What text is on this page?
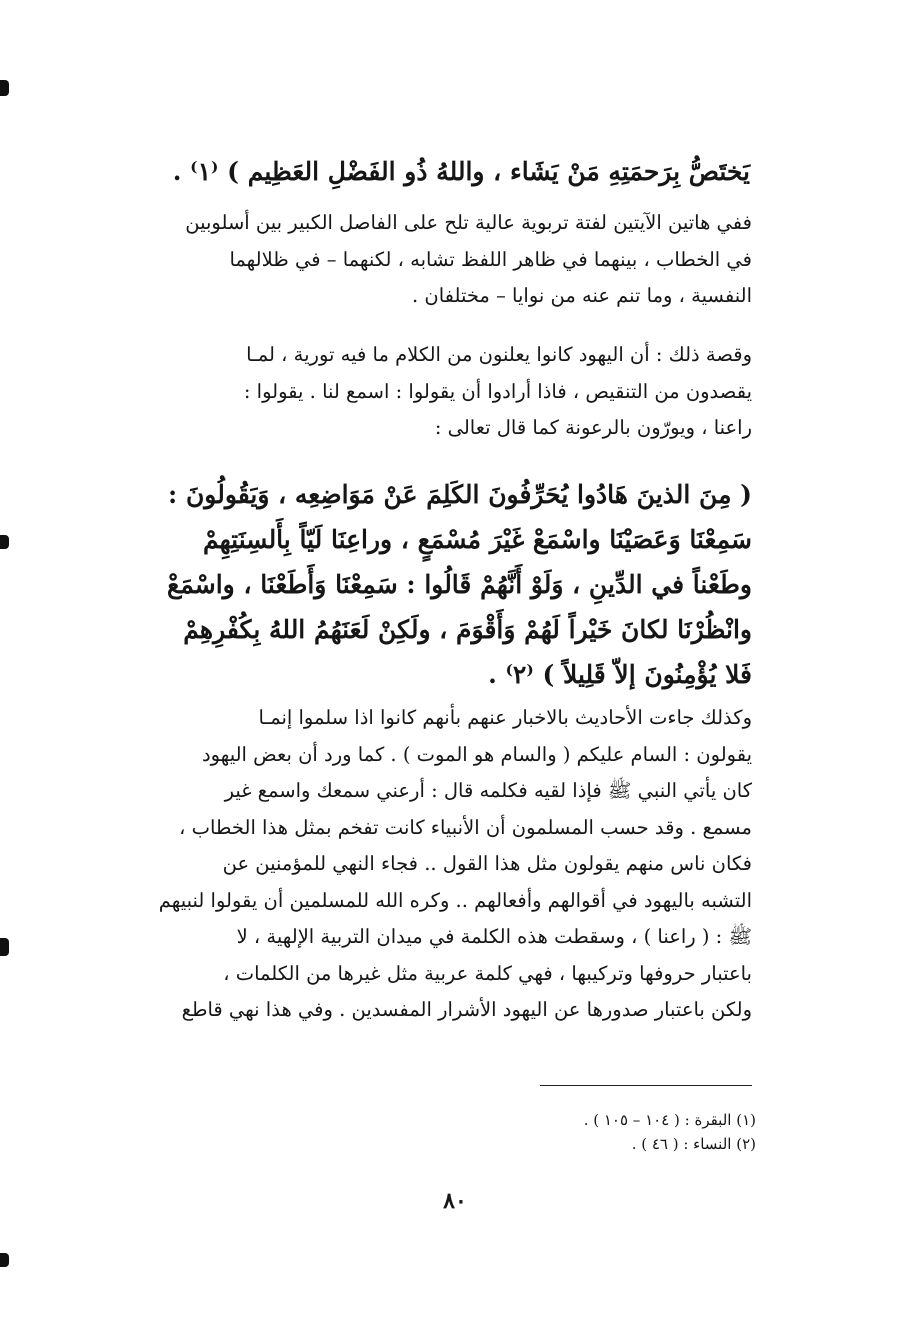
يَختَصُّ بِرَحمَتِهِ مَنْ يَشَاء ، واللهُ ذُو الفَضْلِ العَظِيم ) ⁽١⁾ .
ففي هاتين الآيتين لفتة تربوية عالية تلح على الفاصل الكبير بين أسلوبين
في الخطاب ، بينهما في ظاهر اللفظ تشابه ، لكنهما – في ظلالهما
النفسية ، وما تنم عنه من نوايا – مختلفان .
وقصة ذلك : أن اليهود كانوا يعلنون من الكلام ما فيه تورية ، لمـا
يقصدون من التنقيص ، فاذا أرادوا أن يقولوا : اسمع لنا . يقولوا :
راعنا ، ويورّون بالرعونة كما قال تعالى :
( مِنَ الذينَ هَادُوا يُحَرِّفُونَ الكَلِمَ عَنْ مَوَاضِعِه ، وَيَقُولُونَ :
سَمِعْنَا وَعَصَيْنَا واسْمَعْ غَيْرَ مُسْمَعٍ ، وراعِنَا لَيّاً بِأَلسِنَتِهِمْ
وطَعْناً في الدِّينِ ، وَلَوْ أَنَّهُمْ قَالُوا : سَمِعْنَا وَأَطَعْنَا ، واسْمَعْ
وانْظُرْنَا لكانَ خَيْراً لَهُمْ وَأَقْوَمَ ، ولَكِنْ لَعَنَهُمُ اللهُ بِكُفْرِهِمْ
فَلا يُؤْمِنُونَ إلاّ قَلِيلاً ) ⁽٢⁾ .
وكذلك جاءت الأحاديث بالاخبار عنهم بأنهم كانوا اذا سلموا إنمـا
يقولون : السام عليكم ( والسام هو الموت ) . كما ورد أن بعض اليهود
كان يأتي النبي ﷺ فإذا لقيه فكلمه قال : أرعني سمعك واسمع غير
مسمع . وقد حسب المسلمون أن الأنبياء كانت تفخم بمثل هذا الخطاب ،
فكان ناس منهم يقولون مثل هذا القول .. فجاء النهي للمؤمنين عن
التشبه باليهود في أقوالهم وأفعالهم .. وكره الله للمسلمين أن يقولوا لنبيهم
ﷺ : ( راعنا ) ، وسقطت هذه الكلمة في ميدان التربية الإلهية ، لا
باعتبار حروفها وتركيبها ، فهي كلمة عربية مثل غيرها من الكلمات ،
ولكن باعتبار صدورها عن اليهود الأشرار المفسدين . وفي هذا نهي قاطع
(١) البقرة : ( ١٠٤ – ١٠٥ ) .
(٢) النساء : ( ٤٦ ) .
٨٠
